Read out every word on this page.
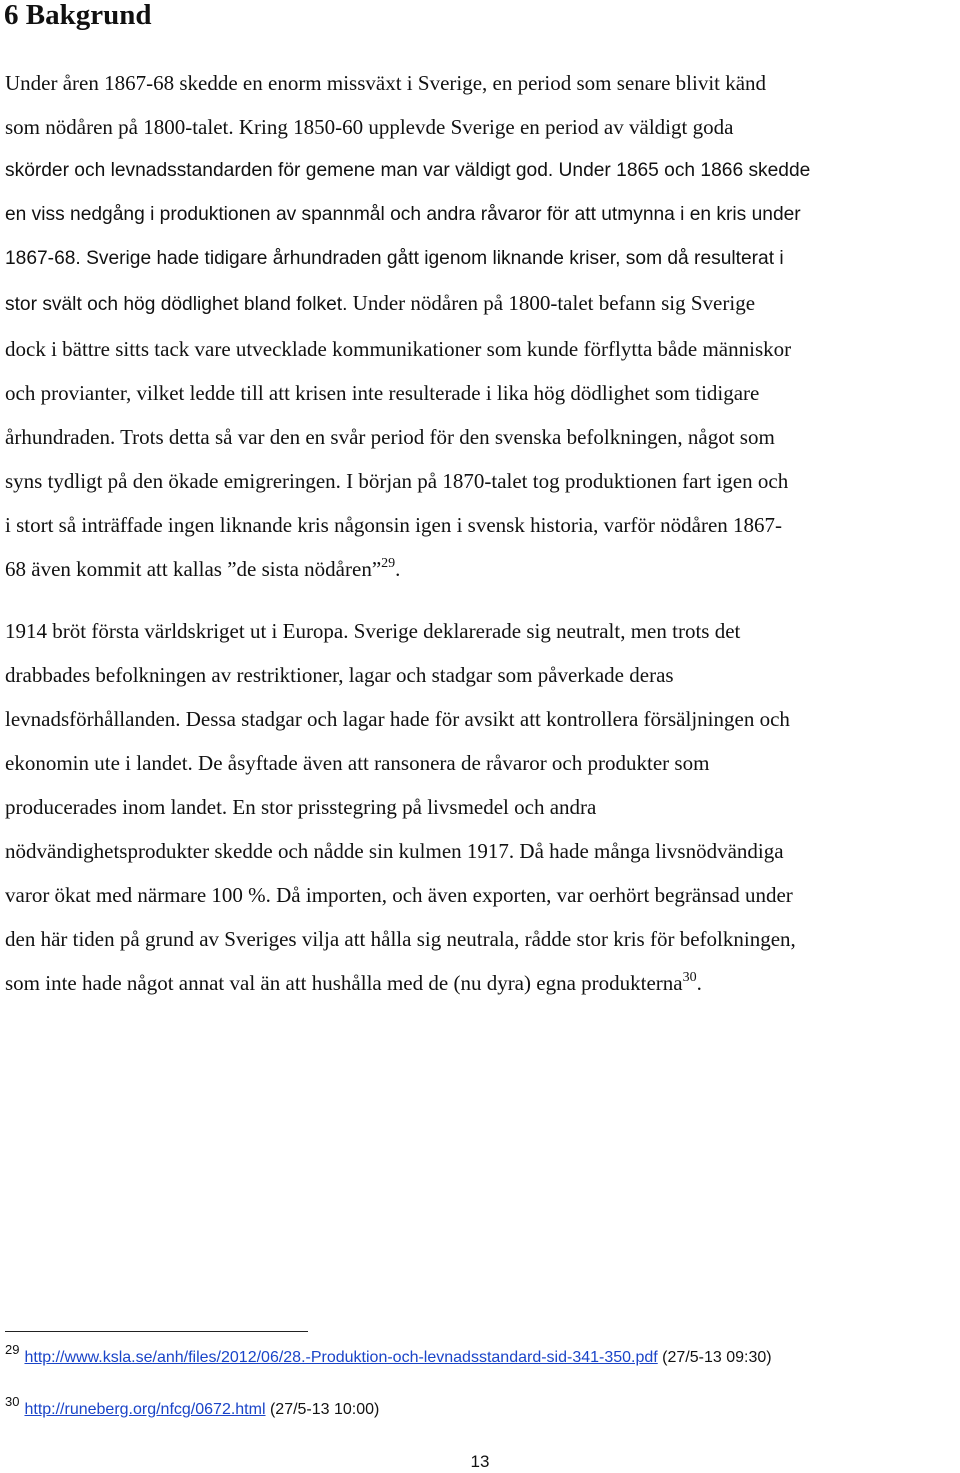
6 Bakgrund

Under åren 1867-68 skedde en enorm missväxt i Sverige, en period som senare blivit känd
som nödåren på 1800-talet. Kring 1850-60 upplevde Sverige en period av väldigt goda
skörder och levnadsstandarden för gemene man var väldigt god. Under 1865 och 1866 skedde
en viss nedgång i produktionen av spannmål och andra råvaror för att utmynna i en kris under
1867-68. Sverige hade tidigare århundraden gått igenom liknande kriser, som då resulterat i
stor svält och hög dödlighet bland folket. Under nödåren på 1800-talet befann sig Sverige
dock i bättre sitts tack vare utvecklade kommunikationer som kunde förflytta både människor
och provianter, vilket ledde till att krisen inte resulterade i lika hög dödlighet som tidigare
århundraden. Trots detta så var den en svår period för den svenska befolkningen, något som
syns tydligt på den ökade emigreringen. I början på 1870-talet tog produktionen fart igen och
i stort så inträffade ingen liknande kris någonsin igen i svensk historia, varför nödåren 1867-
68 även kommit att kallas ”de sista nödåren”$^{29}$.

1914 bröt första världskriget ut i Europa. Sverige deklarerade sig neutralt, men trots det
drabbades befolkningen av restriktioner, lagar och stadgar som påverkade deras
levnadsförhållanden. Dessa stadgar och lagar hade för avsikt att kontrollera försäljningen och
ekonomin ute i landet. De åsyftade även att ransonera de råvaror och produkter som
producerades inom landet. En stor prisstegring på livsmedel och andra
nödvändighetsprodukter skedde och nådde sin kulmen 1917. Då hade många livsnödvändiga
varor ökat med närmare 100 %. Då importen, och även exporten, var oerhört begränsad under
den här tiden på grund av Sveriges vilja att hålla sig neutrala, rådde stor kris för befolkningen,
som inte hade något annat val än att hushålla med de (nu dyra) egna produkterna$^{30}$.

$^{29}$ http://www.ksla.se/anh/files/2012/06/28.-Produktion-och-levnadsstandard-sid-341-350.pdf (27/5-13 09:30)

$^{30}$ http://runeberg.org/nfcg/0672.html (27/5-13 10:00)

13
